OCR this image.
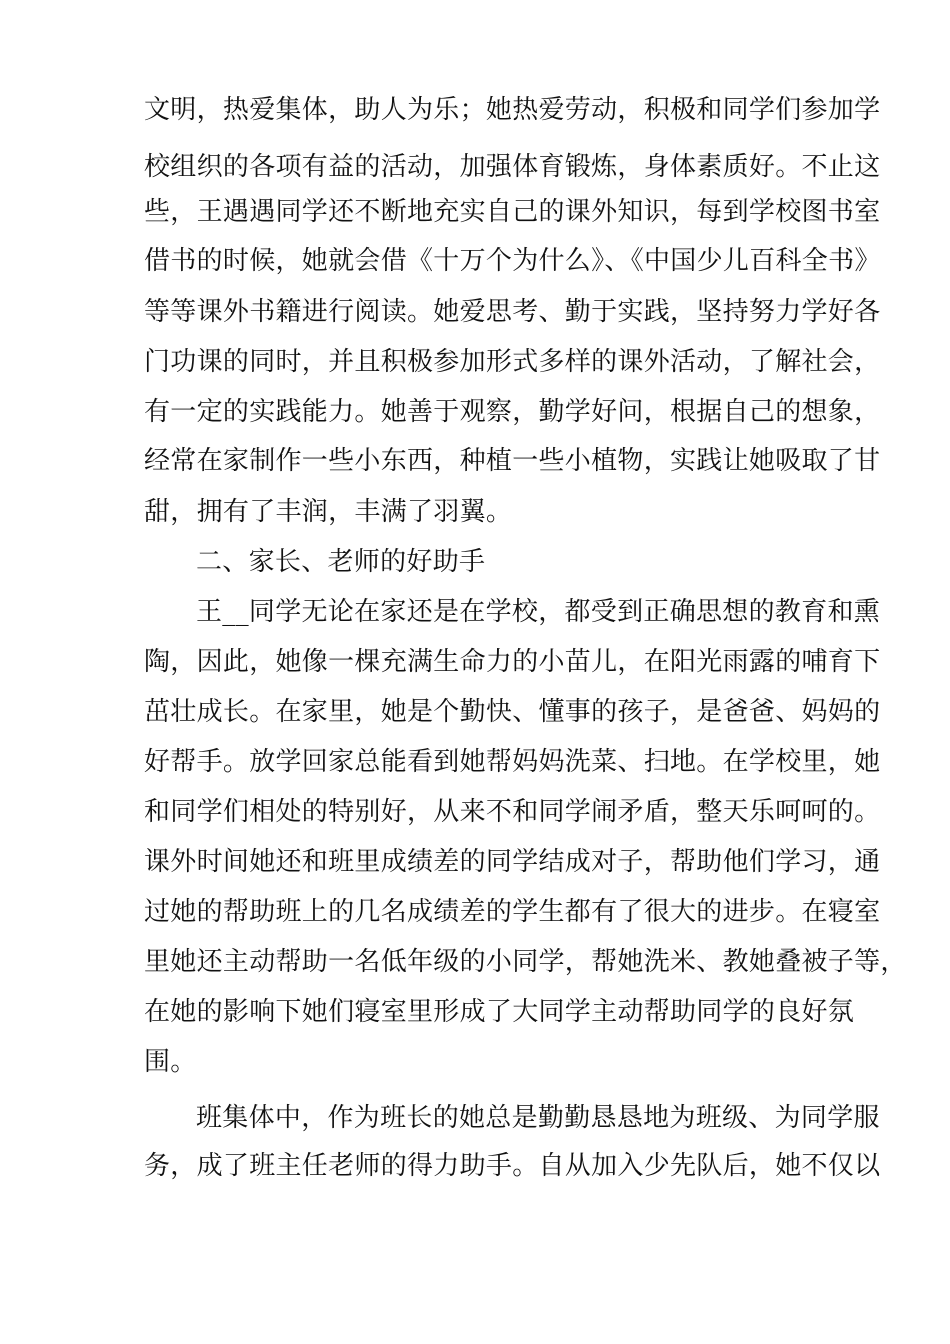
文明，热爱集体，助人为乐；她热爱劳动，积极和同学们参加学
校组织的各项有益的活动，加强体育锻炼，身体素质好。不止这
些，王遇遇同学还不断地充实自己的课外知识，每到学校图书室
借书的时候，她就会借《十万个为什么》、《中国少儿百科全书》
等等课外书籍进行阅读。她爱思考、勤于实践，坚持努力学好各
门功课的同时，并且积极参加形式多样的课外活动，了解社会，
有一定的实践能力。她善于观察，勤学好问，根据自己的想象，
经常在家制作一些小东西，种植一些小植物，实践让她吸取了甘
甜，拥有了丰润，丰满了羽翼。
二、家长、老师的好助手
王__同学无论在家还是在学校，都受到正确思想的教育和熏
陶，因此，她像一棵充满生命力的小苗儿，在阳光雨露的哺育下
茁壮成长。在家里，她是个勤快、懂事的孩子，是爸爸、妈妈的
好帮手。放学回家总能看到她帮妈妈洗菜、扫地。在学校里，她
和同学们相处的特别好，从来不和同学闹矛盾，整天乐呵呵的。
课外时间她还和班里成绩差的同学结成对子，帮助他们学习，通
过她的帮助班上的几名成绩差的学生都有了很大的进步。在寝室
里她还主动帮助一名低年级的小同学，帮她洗米、教她叠被子等，
在她的影响下她们寝室里形成了大同学主动帮助同学的良好氛
围。
班集体中，作为班长的她总是勤勤恳恳地为班级、为同学服
务，成了班主任老师的得力助手。自从加入少先队后，她不仅以
